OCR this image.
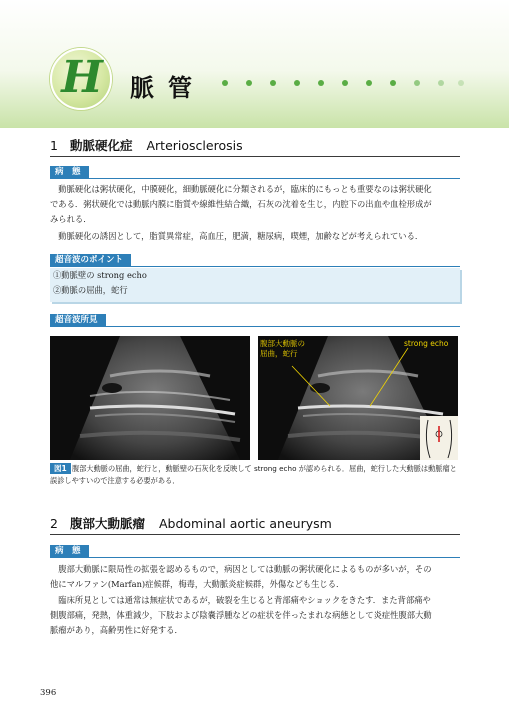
H 脈管
1 動脈硬化症 Arteriosclerosis
病　態
動脈硬化は粥状硬化，中膜硬化，細動脈硬化に分類されるが，臨床的にもっとも重要なのは粥状硬化
である．粥状硬化では動脈内膜に脂質や線維性結合織，石灰の沈着を生じ，内腔下の出血や血栓形成が
みられる．
動脈硬化の誘因として，脂質異常症，高血圧，肥満，糖尿病，喫煙，加齢などが考えられている．
超音波のポイント
①動脈壁の strong echo
②動脈の屈曲，蛇行
超音波所見
腹部大動脈の
屈曲，蛇行
strong echo
腹部大動脈の屈曲，蛇行と，動脈壁の石灰化を反映して strong echo が認められる．屈曲，蛇行した大動脈は動脈瘤と誤診しやすいので注意する必要がある．
図1
2 腹部大動脈瘤 Abdominal aortic aneurysm
病　態
腹部大動脈に限局性の拡張を認めるもので，病因としては動脈の粥状硬化によるものが多いが，その
他にマルファン(Marfan)症候群，梅毒，大動脈炎症候群，外傷なども生じる．
臨床所見としては通常は無症状であるが，破裂を生じると背部痛やショックをきたす．また背部痛や
側腹部痛，発熱，体重減少，下肢および陰嚢浮腫などの症状を伴ったまれな病態として炎症性腹部大動
脈瘤があり，高齢男性に好発する．
396
